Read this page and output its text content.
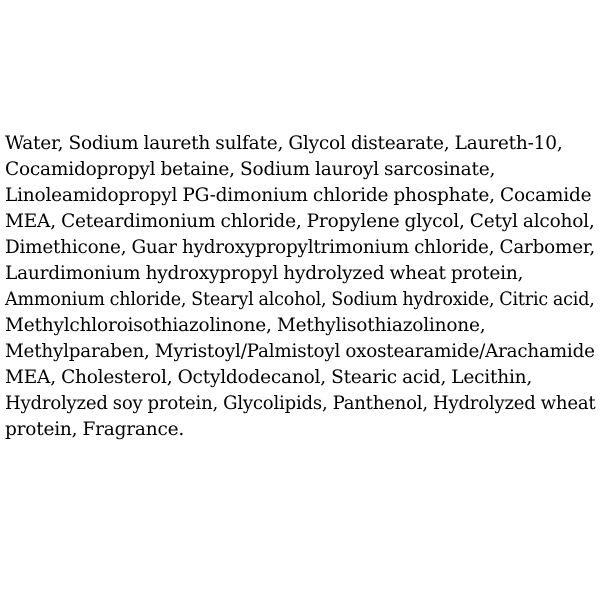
Water, Sodium laureth sulfate, Glycol distearate, Laureth-10,
Cocamidopropyl betaine, Sodium lauroyl sarcosinate,
Linoleamidopropyl PG-dimonium chloride phosphate, Cocamide
MEA, Ceteardimonium chloride, Propylene glycol, Cetyl alcohol,
Dimethicone, Guar hydroxypropyltrimonium chloride, Carbomer,
Laurdimonium hydroxypropyl hydrolyzed wheat protein,
Ammonium chloride, Stearyl alcohol, Sodium hydroxide, Citric acid,
Methylchloroisothiazolinone, Methylisothiazolinone,
Methylparaben, Myristoyl/Palmistoyl oxostearamide/Arachamide
MEA, Cholesterol, Octyldodecanol, Stearic acid, Lecithin,
Hydrolyzed soy protein, Glycolipids, Panthenol, Hydrolyzed wheat
protein, Fragrance.
